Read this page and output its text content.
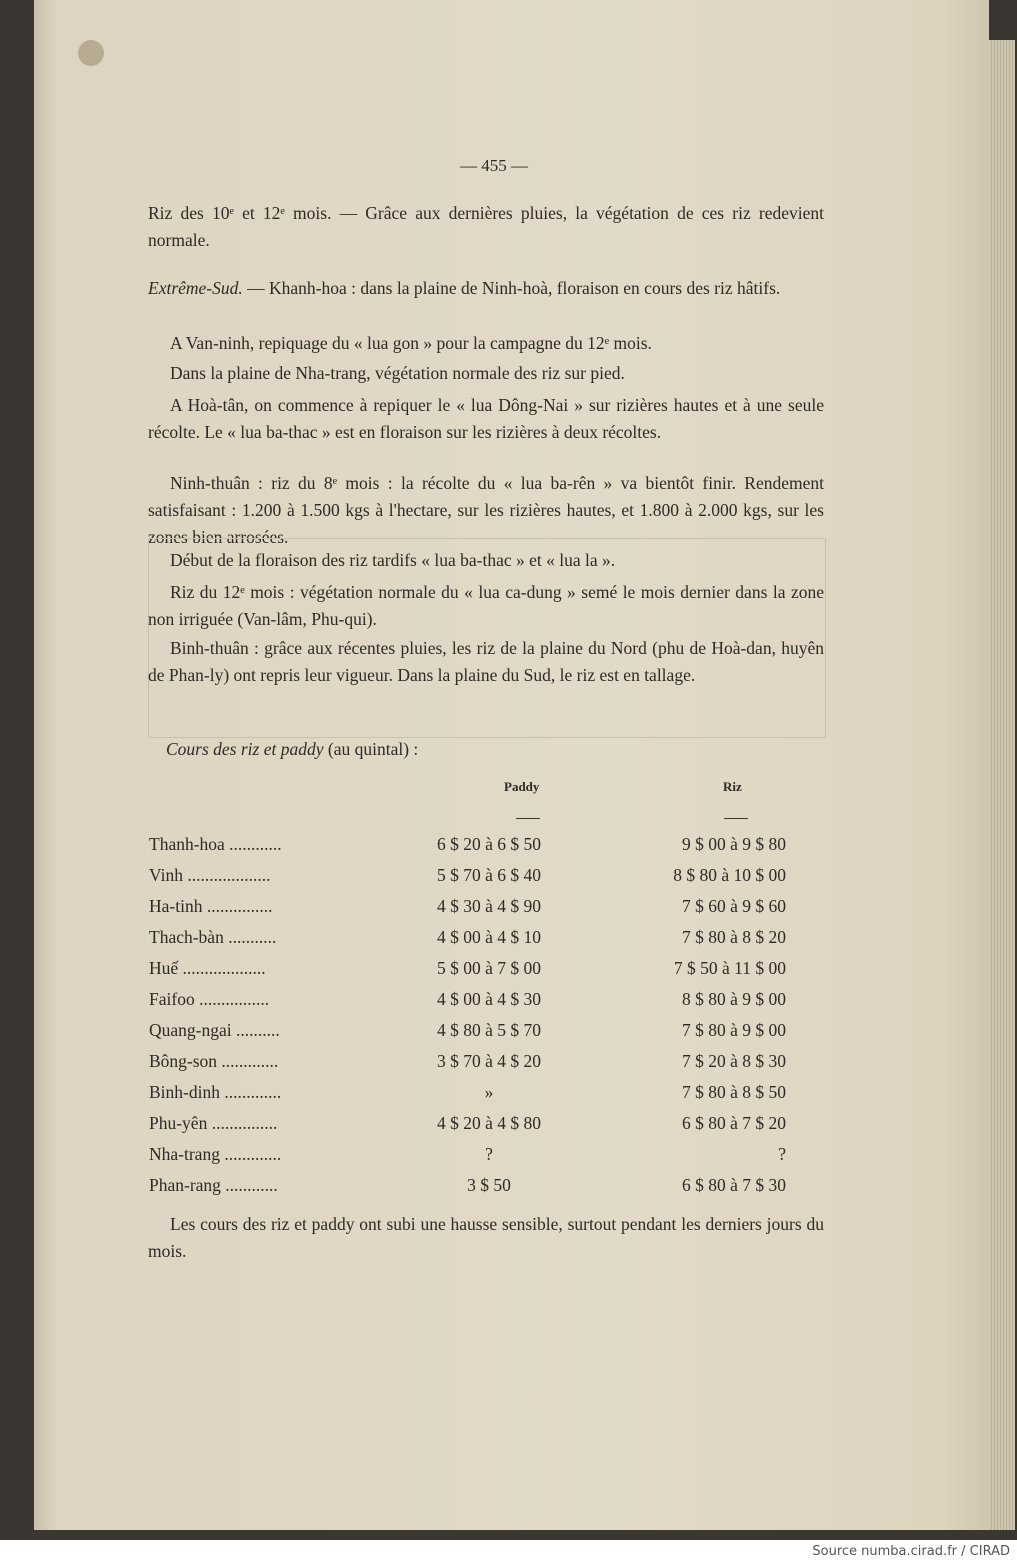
— 455 —
Riz des 10ᵉ et 12ᵉ mois. — Grâce aux dernières pluies, la végétation de ces riz redevient normale.
Extrême-Sud. — Khanh-hoa : dans la plaine de Ninh-hoà, floraison en cours des riz hâtifs.
A Van-ninh, repiquage du « lua gon » pour la campagne du 12ᵉ mois.
Dans la plaine de Nha-trang, végétation normale des riz sur pied.
A Hoà-tân, on commence à repiquer le « lua Dông-Nai » sur rizières hautes et à une seule récolte. Le « lua ba-thac » est en floraison sur les rizières à deux récoltes.
Ninh-thuân : riz du 8ᵉ mois : la récolte du « lua ba-rên » va bientôt finir. Rendement satisfaisant : 1.200 à 1.500 kgs à l'hectare, sur les rizières hautes, et 1.800 à 2.000 kgs, sur les zones bien arrosées.
Début de la floraison des riz tardifs « lua ba-thac » et « lua la ».
Riz du 12ᵉ mois : végétation normale du « lua ca-dung » semé le mois dernier dans la zone non irriguée (Van-lâm, Phu-qui).
Binh-thuân : grâce aux récentes pluies, les riz de la plaine du Nord (phu de Hoà-dan, huyên de Phan-ly) ont repris leur vigueur. Dans la plaine du Sud, le riz est en tallage.
Cours des riz et paddy (au quintal) :
Paddy	Riz
Thanh-hoa ............	6 $ 20 à 6 $ 50	9 $ 00 à 9 $ 80
Vinh ...................	5 $ 70 à 6 $ 40	8 $ 80 à 10 $ 00
Ha-tinh ...............	4 $ 30 à 4 $ 90	7 $ 60 à 9 $ 60
Thach-bàn ...........	4 $ 00 à 4 $ 10	7 $ 80 à 8 $ 20
Huế ...................	5 $ 00 à 7 $ 00	7 $ 50 à 11 $ 00
Faifoo ................	4 $ 00 à 4 $ 30	8 $ 80 à 9 $ 00
Quang-ngai ..........	4 $ 80 à 5 $ 70	7 $ 80 à 9 $ 00
Bông-son .............	3 $ 70 à 4 $ 20	7 $ 20 à 8 $ 30
Binh-dinh .............	»	7 $ 80 à 8 $ 50
Phu-yên ...............	4 $ 20 à 4 $ 80	6 $ 80 à 7 $ 20
Nha-trang .............	?	?
Phan-rang ............	3 $ 50	6 $ 80 à 7 $ 30
Les cours des riz et paddy ont subi une hausse sensible, surtout pendant les derniers jours du mois.
Source numba.cirad.fr / CIRAD
